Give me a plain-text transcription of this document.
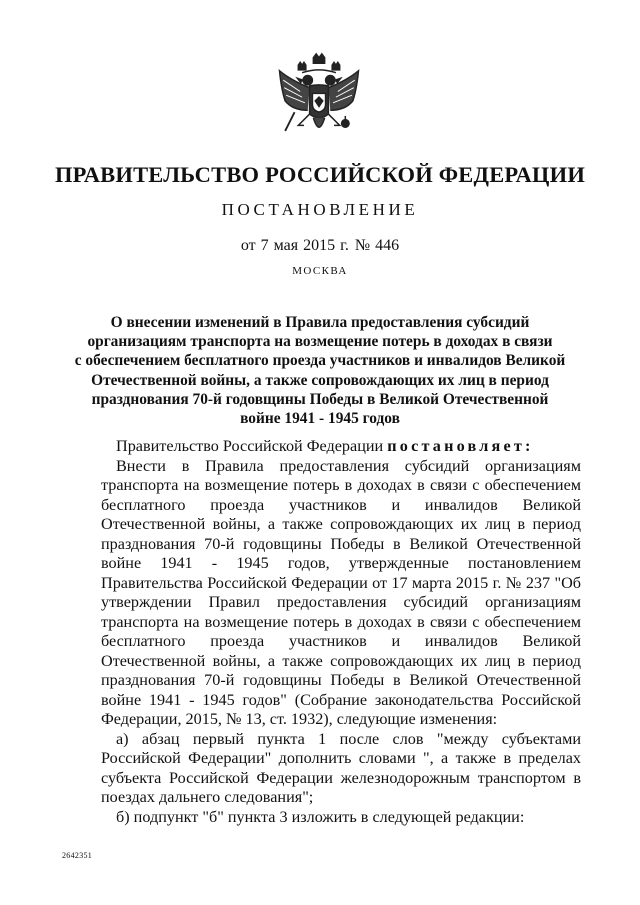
ПРАВИТЕЛЬСТВО РОССИЙСКОЙ ФЕДЕРАЦИИ
ПОСТАНОВЛЕНИЕ
от 7 мая 2015 г. № 446
МОСКВА
О внесении изменений в Правила предоставления субсидий
организациям транспорта на возмещение потерь в доходах в связи
с обеспечением бесплатного проезда участников и инвалидов Великой
Отечественной войны, а также сопровождающих их лиц в период
празднования 70-й годовщины Победы в Великой Отечественной
войне 1941 - 1945 годов

Правительство Российской Федерации постановляет:

Внести в Правила предоставления субсидий организациям транспорта на возмещение потерь в доходах в связи с обеспечением бесплатного проезда участников и инвалидов Великой Отечественной войны, а также сопровождающих их лиц в период празднования 70-й годовщины Победы в Великой Отечественной войне 1941 - 1945 годов, утвержденные постановлением Правительства Российской Федерации от 17 марта 2015 г. № 237 "Об утверждении Правил предоставления субсидий организациям транспорта на возмещение потерь в доходах в связи с обеспечением бесплатного проезда участников и инвалидов Великой Отечественной войны, а также сопровождающих их лиц в период празднования 70-й годовщины Победы в Великой Отечественной войне 1941 - 1945 годов" (Собрание законодательства Российской Федерации, 2015, № 13, ст. 1932), следующие изменения:

а) абзац первый пункта 1 после слов "между субъектами Российской Федерации" дополнить словами ", а также в пределах субъекта Российской Федерации железнодорожным транспортом в поездах дальнего следования";

б) подпункт "б" пункта 3 изложить в следующей редакции:

2642351
